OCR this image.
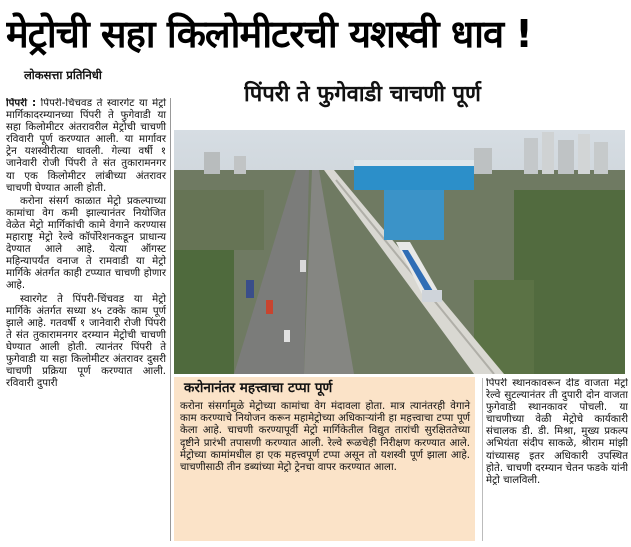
मेट्रोची सहा किलोमीटरची यशस्वी धाव !
लोकसत्ता प्रतिनिधी
पिंपरी ते फुगेवाडी चाचणी पूर्ण

पिंपरी : पिंपरी-चिंचवड ते स्वारगेट या मेट्रो मार्गिकादरम्यानच्या पिंपरी ते फुगेवाडी या सहा किलोमीटर अंतरावरील मेट्रोची चाचणी रविवारी पूर्ण करण्यात आली. या मार्गावर ट्रेन यशस्वीरीत्या धावली. गेल्या वर्षी १ जानेवारी रोजी पिंपरी ते संत तुकारामनगर या एक किलोमीटर लांबीच्या अंतरावर चाचणी घेण्यात आली होती.

करोना संसर्ग काळात मेट्रो प्रकल्पाच्या कामांचा वेग कमी झाल्यानंतर नियोजित वेळेत मेट्रो मार्गिकांची कामे वेगाने करण्यास महाराष्ट्र मेट्रो रेल्वे कॉर्पोरेशनकडून प्राधान्य देण्यात आले आहे. येत्या ऑगस्ट महिन्यापर्यंत वनाज ते रामवाडी या मेट्रो मार्गिके अंतर्गत काही टप्प्यात चाचणी होणार आहे.

स्वारगेट ते पिंपरी-चिंचवड या मेट्रो मार्गिके अंतर्गत सध्या ४५ टक्के काम पूर्ण झाले आहे. गतवर्षी १ जानेवारी रोजी पिंपरी ते संत तुकारामनगर दरम्यान मेट्रोची चाचणी घेण्यात आली होती. त्यानंतर पिंपरी ते फुगेवाडी या सहा किलोमीटर अंतरावर दुसरी चाचणी प्रक्रिया पूर्ण करण्यात आली. रविवारी दुपारी	करोनानंतर महत्त्वाचा टप्पा पूर्ण

करोना संसर्गामुळे मेट्रोच्या कामांचा वेग मंदावला होता. मात्र त्यानंतरही वेगाने काम करण्याचे नियोजन करून महामेट्रोच्या अधिकाऱ्यांनी हा महत्त्वाचा टप्पा पूर्ण केला आहे. चाचणी करण्यापूर्वी मेट्रो मार्गिकेतील विद्युत तारांची सुरक्षिततेच्या दृष्टीने प्रारंभी तपासणी करण्यात आली. रेल्वे रूळचेही निरीक्षण करण्यात आले. मेट्रोच्या कामांमधील हा एक महत्त्वपूर्ण टप्पा असून तो यशस्वी पूर्ण झाला आहे. चाचणीसाठी तीन डब्यांच्या मेट्रो ट्रेनचा वापर करण्यात आला.

पिंपरी स्थानकावरून दीड वाजता मेट्रो रेल्वे सुटल्यानंतर ती दुपारी दोन वाजता फुगेवाडी स्थानकावर पोचली. या चाचणीच्या वेळी मेट्रोचे कार्यकारी संचालक डी. डी. मिश्रा, मुख्य प्रकल्प अभियंता संदीप साकळे, श्रीराम मांझी यांच्यासह इतर अधिकारी उपस्थित होते. चाचणी दरम्यान चेतन फडके यांनी मेट्रो चालविली.
